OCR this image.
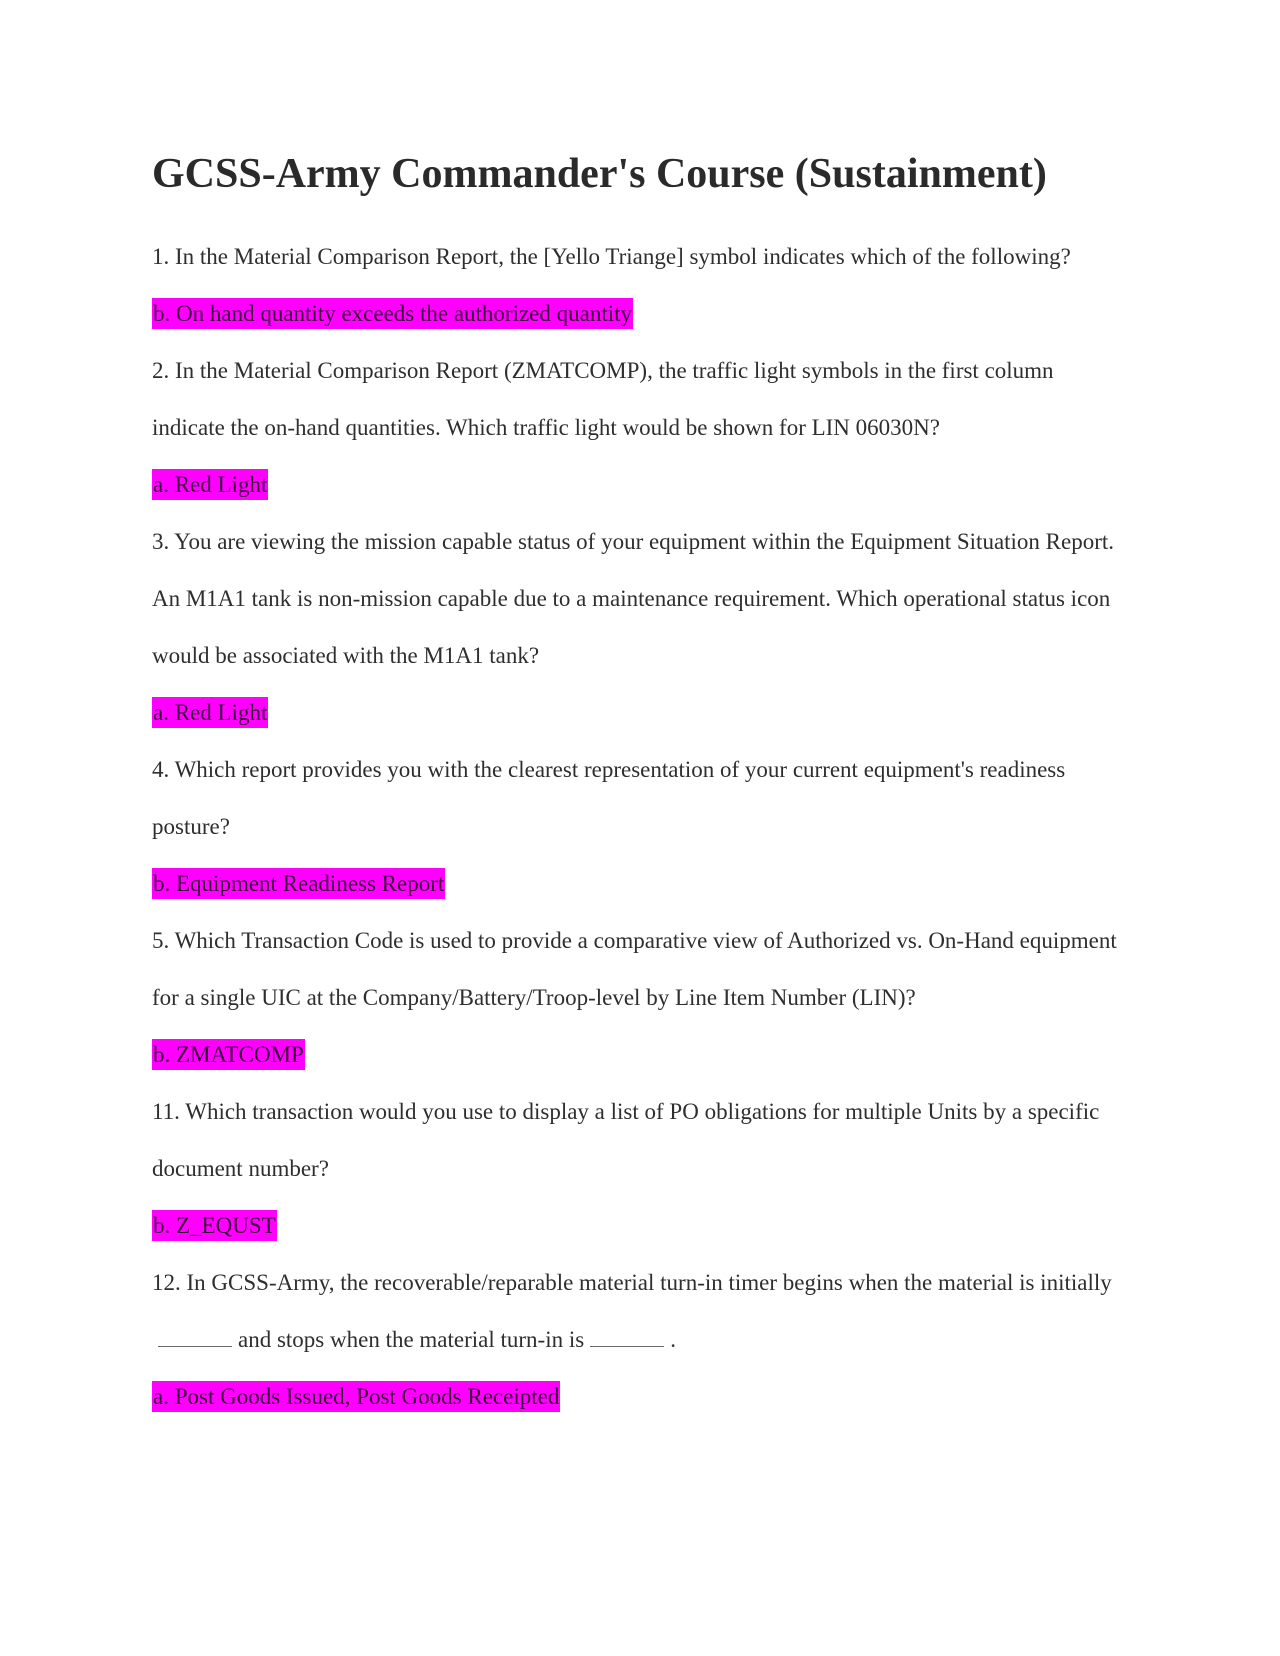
GCSS-Army Commander's Course (Sustainment)

1. In the Material Comparison Report, the [Yello Triange] symbol indicates which of the following?

b. On hand quantity exceeds the authorized quantity

2. In the Material Comparison Report (ZMATCOMP), the traffic light symbols in the first column indicate the on-hand quantities. Which traffic light would be shown for LIN 06030N?

a. Red Light

3. You are viewing the mission capable status of your equipment within the Equipment Situation Report. An M1A1 tank is non-mission capable due to a maintenance requirement. Which operational status icon would be associated with the M1A1 tank?

a. Red Light

4. Which report provides you with the clearest representation of your current equipment's readiness posture?

b. Equipment Readiness Report

5. Which Transaction Code is used to provide a comparative view of Authorized vs. On-Hand equipment for a single UIC at the Company/Battery/Troop-level by Line Item Number (LIN)?

b. ZMATCOMP

11. Which transaction would you use to display a list of PO obligations for multiple Units by a specific document number?

b. Z_EQUST

12. In GCSS-Army, the recoverable/reparable material turn-in timer begins when the material is initiallyand stops when the material turn-in is	.

a. Post Goods Issued, Post Goods Receipted
